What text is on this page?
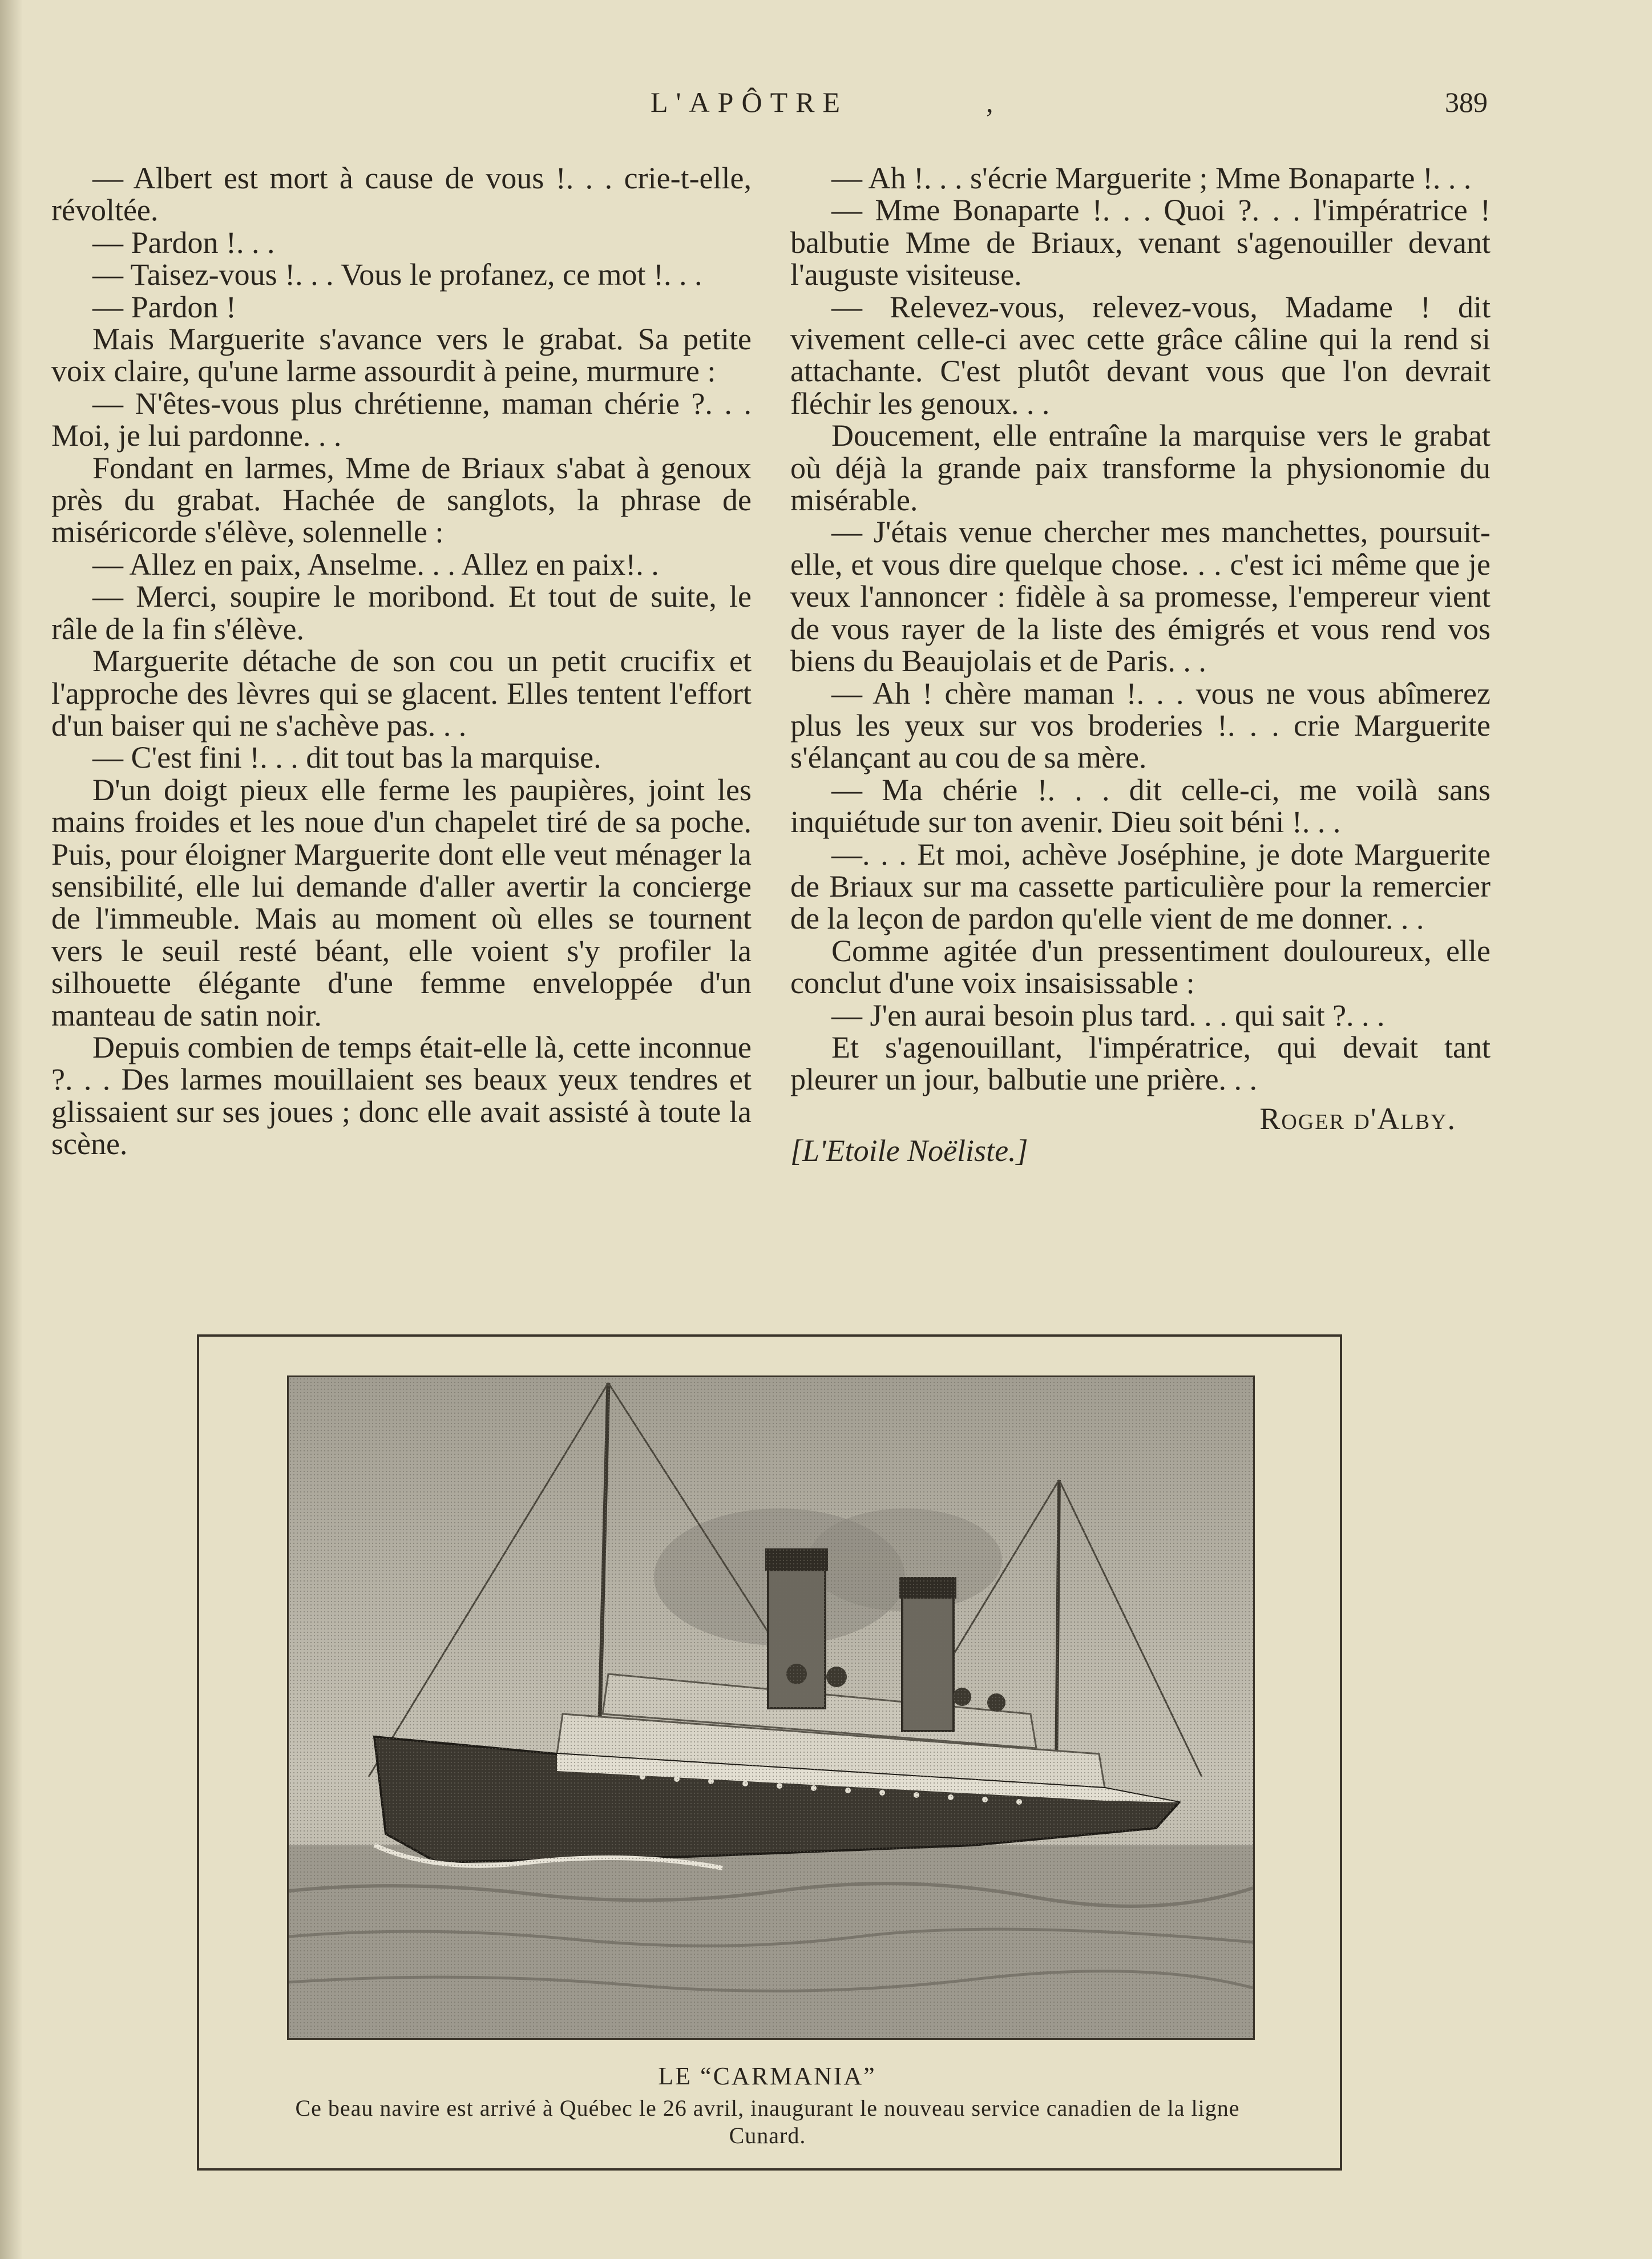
L'APÔTRE	,	389

— Albert est mort à cause de vous !. . . crie-t-elle, révoltée.

— Pardon !. . .

— Taisez-vous !. . . Vous le profanez, ce mot !. . .

— Pardon !

Mais Marguerite s'avance vers le grabat. Sa petite voix claire, qu'une larme assourdit à peine, murmure :

— N'êtes-vous plus chrétienne, maman chérie ?. . . Moi, je lui pardonne. . .

Fondant en larmes, Mme de Briaux s'abat à genoux près du grabat. Hachée de sanglots, la phrase de miséricorde s'élève, solennelle :

— Allez en paix, Anselme. . . Allez en paix!. .

— Merci, soupire le moribond. Et tout de suite, le râle de la fin s'élève.

Marguerite détache de son cou un petit crucifix et l'approche des lèvres qui se glacent. Elles tentent l'effort d'un baiser qui ne s'achève pas. . .

— C'est fini !. . . dit tout bas la marquise.

D'un doigt pieux elle ferme les paupières, joint les mains froides et les noue d'un chapelet tiré de sa poche. Puis, pour éloigner Marguerite dont elle veut ménager la sensibilité, elle lui demande d'aller avertir la concierge de l'immeuble. Mais au moment où elles se tournent vers le seuil resté béant, elle voient s'y profiler la silhouette élégante d'une femme enveloppée d'un manteau de satin noir.

Depuis combien de temps était-elle là, cette inconnue ?. . . Des larmes mouillaient ses beaux yeux tendres et glissaient sur ses joues ; donc elle avait assisté à toute la scène.

— Ah !. . . s'écrie Marguerite ; Mme Bonaparte !. . .

— Mme Bonaparte !. . . Quoi ?. . . l'impératrice ! balbutie Mme de Briaux, venant s'agenouiller devant l'auguste visiteuse.

— Relevez-vous, relevez-vous, Madame ! dit vivement celle-ci avec cette grâce câline qui la rend si attachante. C'est plutôt devant vous que l'on devrait fléchir les genoux. . .

Doucement, elle entraîne la marquise vers le grabat où déjà la grande paix transforme la physionomie du misérable.

— J'étais venue chercher mes manchettes, poursuit-elle, et vous dire quelque chose. . . c'est ici même que je veux l'annoncer : fidèle à sa promesse, l'empereur vient de vous rayer de la liste des émigrés et vous rend vos biens du Beaujolais et de Paris. . .

— Ah ! chère maman !. . . vous ne vous abîmerez plus les yeux sur vos broderies !. . . crie Marguerite s'élançant au cou de sa mère.

— Ma chérie !. . . dit celle-ci, me voilà sans inquiétude sur ton avenir. Dieu soit béni !. . .

—. . . Et moi, achève Joséphine, je dote Marguerite de Briaux sur ma cassette particulière pour la remercier de la leçon de pardon qu'elle vient de me donner. . .

Comme agitée d'un pressentiment douloureux, elle conclut d'une voix insaisissable :

— J'en aurai besoin plus tard. . . qui sait ?. . .

Et s'agenouillant, l'impératrice, qui devait tant pleurer un jour, balbutie une prière. . .

Roger d'Alby.

[L'Etoile Noëliste.]

LE “CARMANIA”
Ce beau navire est arrivé à Québec le 26 avril, inaugurant le nouveau service canadien de la ligne Cunard.
